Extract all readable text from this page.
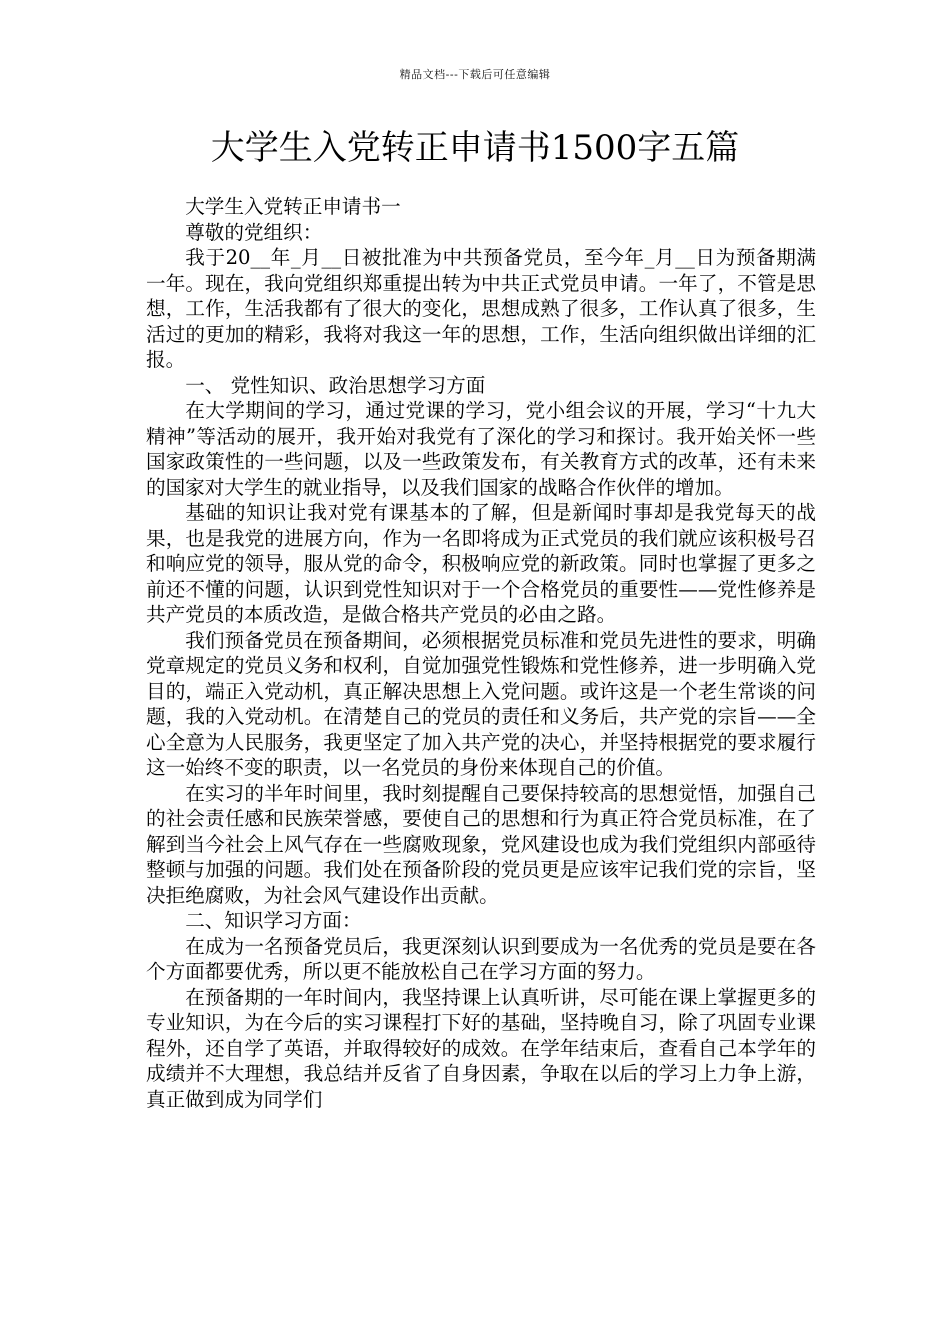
精品文档---下载后可任意编辑
大学生入党转正申请书1500字五篇

大学生入党转正申请书一

尊敬的党组织：

我于20__年_月__日被批准为中共预备党员，至今年_月__日为预备期满一年。现在，我向党组织郑重提出转为中共正式党员申请。一年了，不管是思想，工作，生活我都有了很大的变化，思想成熟了很多，工作认真了很多，生活过的更加的精彩，我将对我这一年的思想，工作，生活向组织做出详细的汇报。

一、 党性知识、政治思想学习方面

在大学期间的学习，通过党课的学习，党小组会议的开展，学习“十九大精神”等活动的展开，我开始对我党有了深化的学习和探讨。我开始关怀一些国家政策性的一些问题，以及一些政策发布，有关教育方式的改革，还有未来的国家对大学生的就业指导，以及我们国家的战略合作伙伴的增加。

基础的知识让我对党有课基本的了解，但是新闻时事却是我党每天的战果，也是我党的进展方向，作为一名即将成为正式党员的我们就应该积极号召和响应党的领导，服从党的命令，积极响应党的新政策。同时也掌握了更多之前还不懂的问题，认识到党性知识对于一个合格党员的重要性——党性修养是共产党员的本质改造，是做合格共产党员的必由之路。

我们预备党员在预备期间，必须根据党员标准和党员先进性的要求，明确党章规定的党员义务和权利，自觉加强党性锻炼和党性修养，进一步明确入党目的，端正入党动机，真正解决思想上入党问题。或许这是一个老生常谈的问题，我的入党动机。在清楚自己的党员的责任和义务后，共产党的宗旨——全心全意为人民服务，我更坚定了加入共产党的决心，并坚持根据党的要求履行这一始终不变的职责，以一名党员的身份来体现自己的价值。

在实习的半年时间里，我时刻提醒自己要保持较高的思想觉悟，加强自己的社会责任感和民族荣誉感，要使自己的思想和行为真正符合党员标准，在了解到当今社会上风气存在一些腐败现象，党风建设也成为我们党组织内部亟待整顿与加强的问题。我们处在预备阶段的党员更是应该牢记我们党的宗旨，坚决拒绝腐败，为社会风气建设作出贡献。

二、知识学习方面：

在成为一名预备党员后，我更深刻认识到要成为一名优秀的党员是要在各个方面都要优秀，所以更不能放松自己在学习方面的努力。

在预备期的一年时间内，我坚持课上认真听讲，尽可能在课上掌握更多的专业知识，为在今后的实习课程打下好的基础，坚持晚自习，除了巩固专业课程外，还自学了英语，并取得较好的成效。在学年结束后，查看自己本学年的成绩并不大理想，我总结并反省了自身因素，争取在以后的学习上力争上游，真正做到成为同学们
